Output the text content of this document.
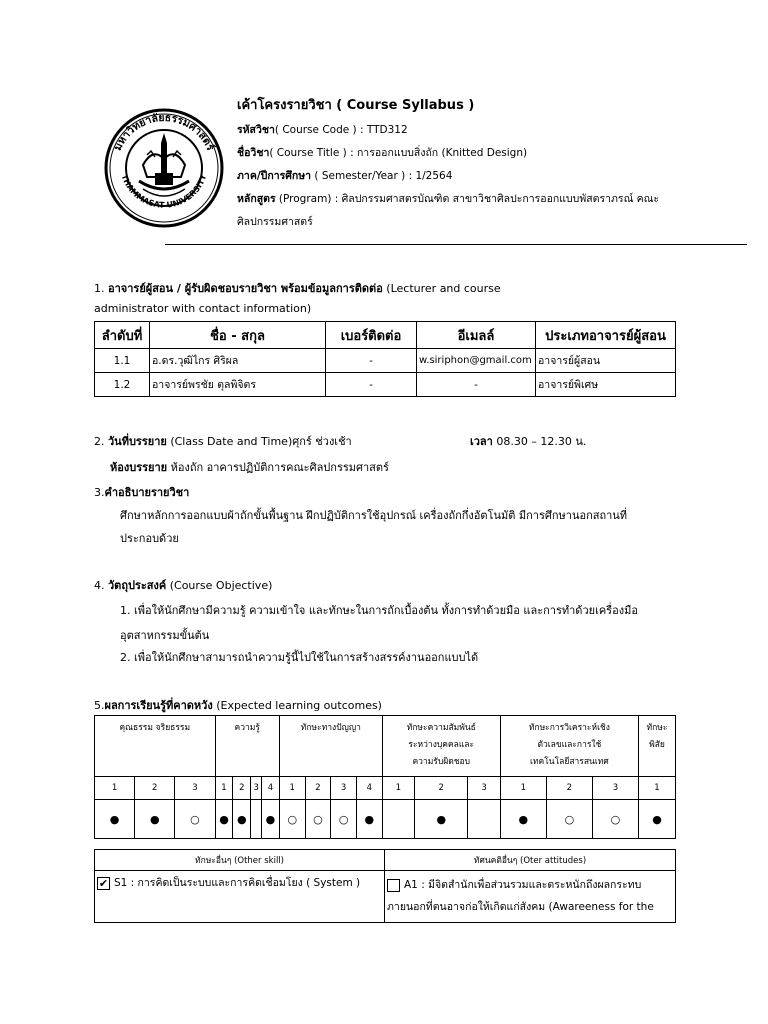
มหาวิทยาลัยธรรมศาสตร์
THAMMASAT UNIVERSITY
เค้าโครงรายวิชา ( Course Syllabus )
รหัสวิชา( Course Code ) : TTD312
ชื่อวิชา( Course Title ) : การออกแบบสิ่งถัก (Knitted Design)
ภาค/ปีการศึกษา ( Semester/Year ) : 1/2564
หลักสูตร (Program) : ศิลปกรรมศาสตรบัณฑิต สาขาวิชาศิลปะการออกแบบพัสตราภรณ์ คณะ
ศิลปกรรมศาสตร์
1. อาจารย์ผู้สอน / ผู้รับผิดชอบรายวิชา พร้อมข้อมูลการติดต่อ (Lecturer and course
administrator with contact information)
ลำดับที่	ชื่อ - สกุล	เบอร์ติดต่อ	อีเมลล์	ประเภทอาจารย์ผู้สอน
1.1	อ.ดร.วุฒิไกร ศิริผล	-	w.siriphon@gmail.com	อาจารย์ผู้สอน
1.2	อาจารย์พรชัย ตุลพิจิตร	-	-	อาจารย์พิเศษ
2. วันที่บรรยาย (Class Date and Time)ศุกร์ ช่วงเช้า	เวลา 08.30 – 12.30 น.
ห้องบรรยาย ห้องถัก อาคารปฏิบัติการคณะศิลปกรรมศาสตร์
3.คำอธิบายรายวิชา
ศึกษาหลักการออกแบบผ้าถักขั้นพื้นฐาน ฝึกปฏิบัติการใช้อุปกรณ์ เครื่องถักกึ่งอัตโนมัติ มีการศึกษานอกสถานที่
ประกอบด้วย
4. วัตถุประสงค์ (Course Objective)
1. เพื่อให้นักศึกษามีความรู้ ความเข้าใจ และทักษะในการถักเบื้องต้น ทั้งการทำด้วยมือ และการทำด้วยเครื่องมือ
อุตสาหกรรมขั้นต้น
2. เพื่อให้นักศึกษาสามารถนำความรู้นี้ไปใช้ในการสร้างสรรค์งานออกแบบได้
5.ผลการเรียนรู้ที่คาดหวัง (Expected learning outcomes)
คุณธรรม จริยธรรม			ความรู้				ทักษะทางปัญญา				ทักษะความสัมพันธ์
ระหว่างบุคคลและ
ความรับผิดชอบ			ทักษะการวิเคราะห์เชิง
ตัวเลขและการใช้
เทคโนโลยีสารสนเทศ			ทักษะ
พิสัย
1	2	3	1	2	3	4	1	2	3	4	1	2	3	1	2	3	1
●	●	○	●	●		●	○	○	○	●		●		●	○	○	●
ทักษะอื่นๆ (Other skill)	ทัศนคติอื่นๆ (Oter attitudes)
✔ S1 : การคิดเป็นระบบและการคิดเชื่อมโยง ( System )	A1 : มีจิตสำนักเพื่อส่วนรวมและตระหนักถึงผลกระทบ
ภายนอกที่ตนอาจก่อให้เกิดแก่สังคม (Awareeness for the
